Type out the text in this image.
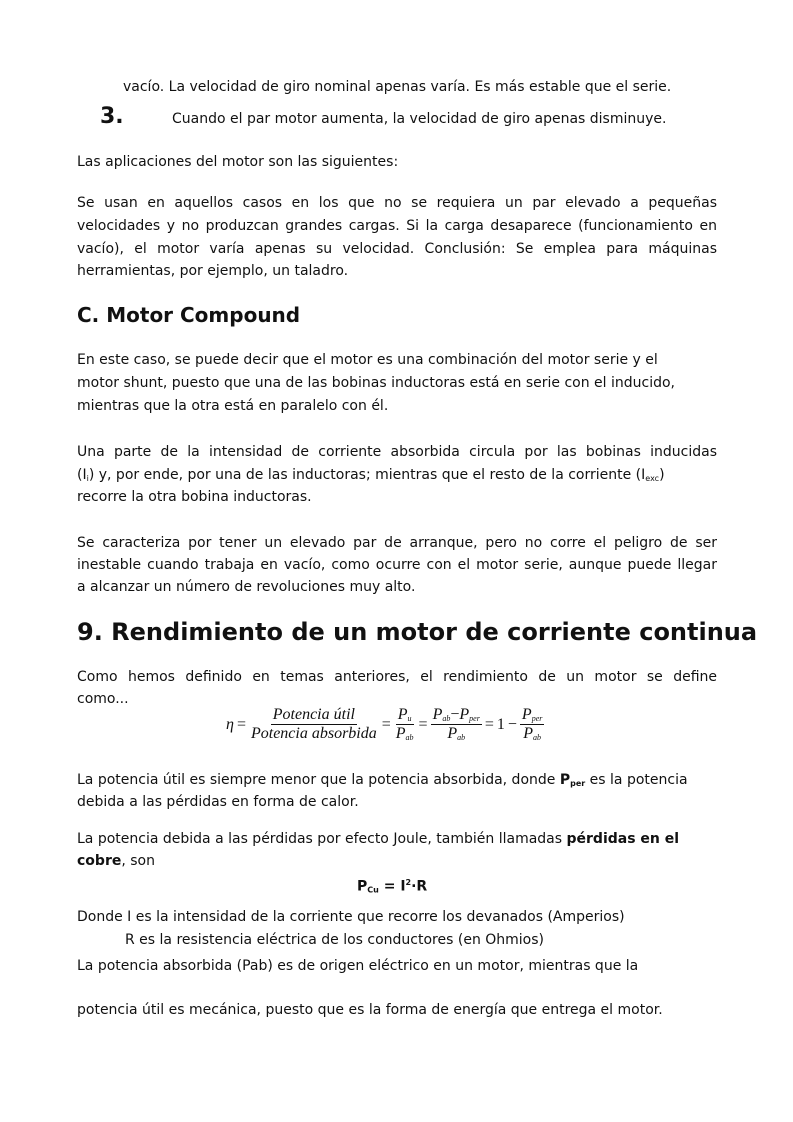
vacío. La velocidad de giro nominal apenas varía. Es más estable que el serie.
3.	Cuando el par motor aumenta, la velocidad de giro apenas disminuye.
Las aplicaciones del motor son las siguientes:
Se usan en aquellos casos en los que no se requiera un par elevado a pequeñas
velocidades y no produzcan grandes cargas. Si la carga desaparece (funcionamiento en
vacío), el motor varía apenas su velocidad. Conclusión: Se emplea para máquinas
herramientas, por ejemplo, un taladro.
C. Motor Compound
En este caso, se puede decir que el motor es una combinación del motor serie y el
motor shunt, puesto que una de las bobinas inductoras está en serie con el inducido,
mientras que la otra está en paralelo con él.
Una parte de la intensidad de corriente absorbida circula por las bobinas inducidas
$(I_i)$ y, por ende, por una de las inductoras; mientras que el resto de la corriente $(I_{exc})$
recorre la otra bobina inductoras.
Se caracteriza por tener un elevado par de arranque, pero no corre el peligro de ser
inestable cuando trabaja en vacío, como ocurre con el motor serie, aunque puede llegar
a alcanzar un número de revoluciones muy alto.
9. Rendimiento de un motor de corriente continua
Como hemos definido en temas anteriores, el rendimiento de un motor se define
como...
$\eta = \frac{\text{Potencia útil}}{\text{Potencia absorbida}} = \frac{P_u}{P_{ab}} = \frac{P_{ab}-P_{per}}{P_{ab}} = 1 - \frac{P_{per}}{P_{ab}}$
La potencia útil es siempre menor que la potencia absorbida, donde $P_{per}$ es la potencia
debida a las pérdidas en forma de calor.
La potencia debida a las pérdidas por efecto Joule, también llamadas pérdidas en el
cobre, son
$P_{Cu} = I^2\cdot R$
Donde I es la intensidad de la corriente que recorre los devanados (Amperios)
R es la resistencia eléctrica de los conductores (en Ohmios)
La potencia absorbida (Pab) es de origen eléctrico en un motor, mientras que la
potencia útil es mecánica, puesto que es la forma de energía que entrega el motor.
